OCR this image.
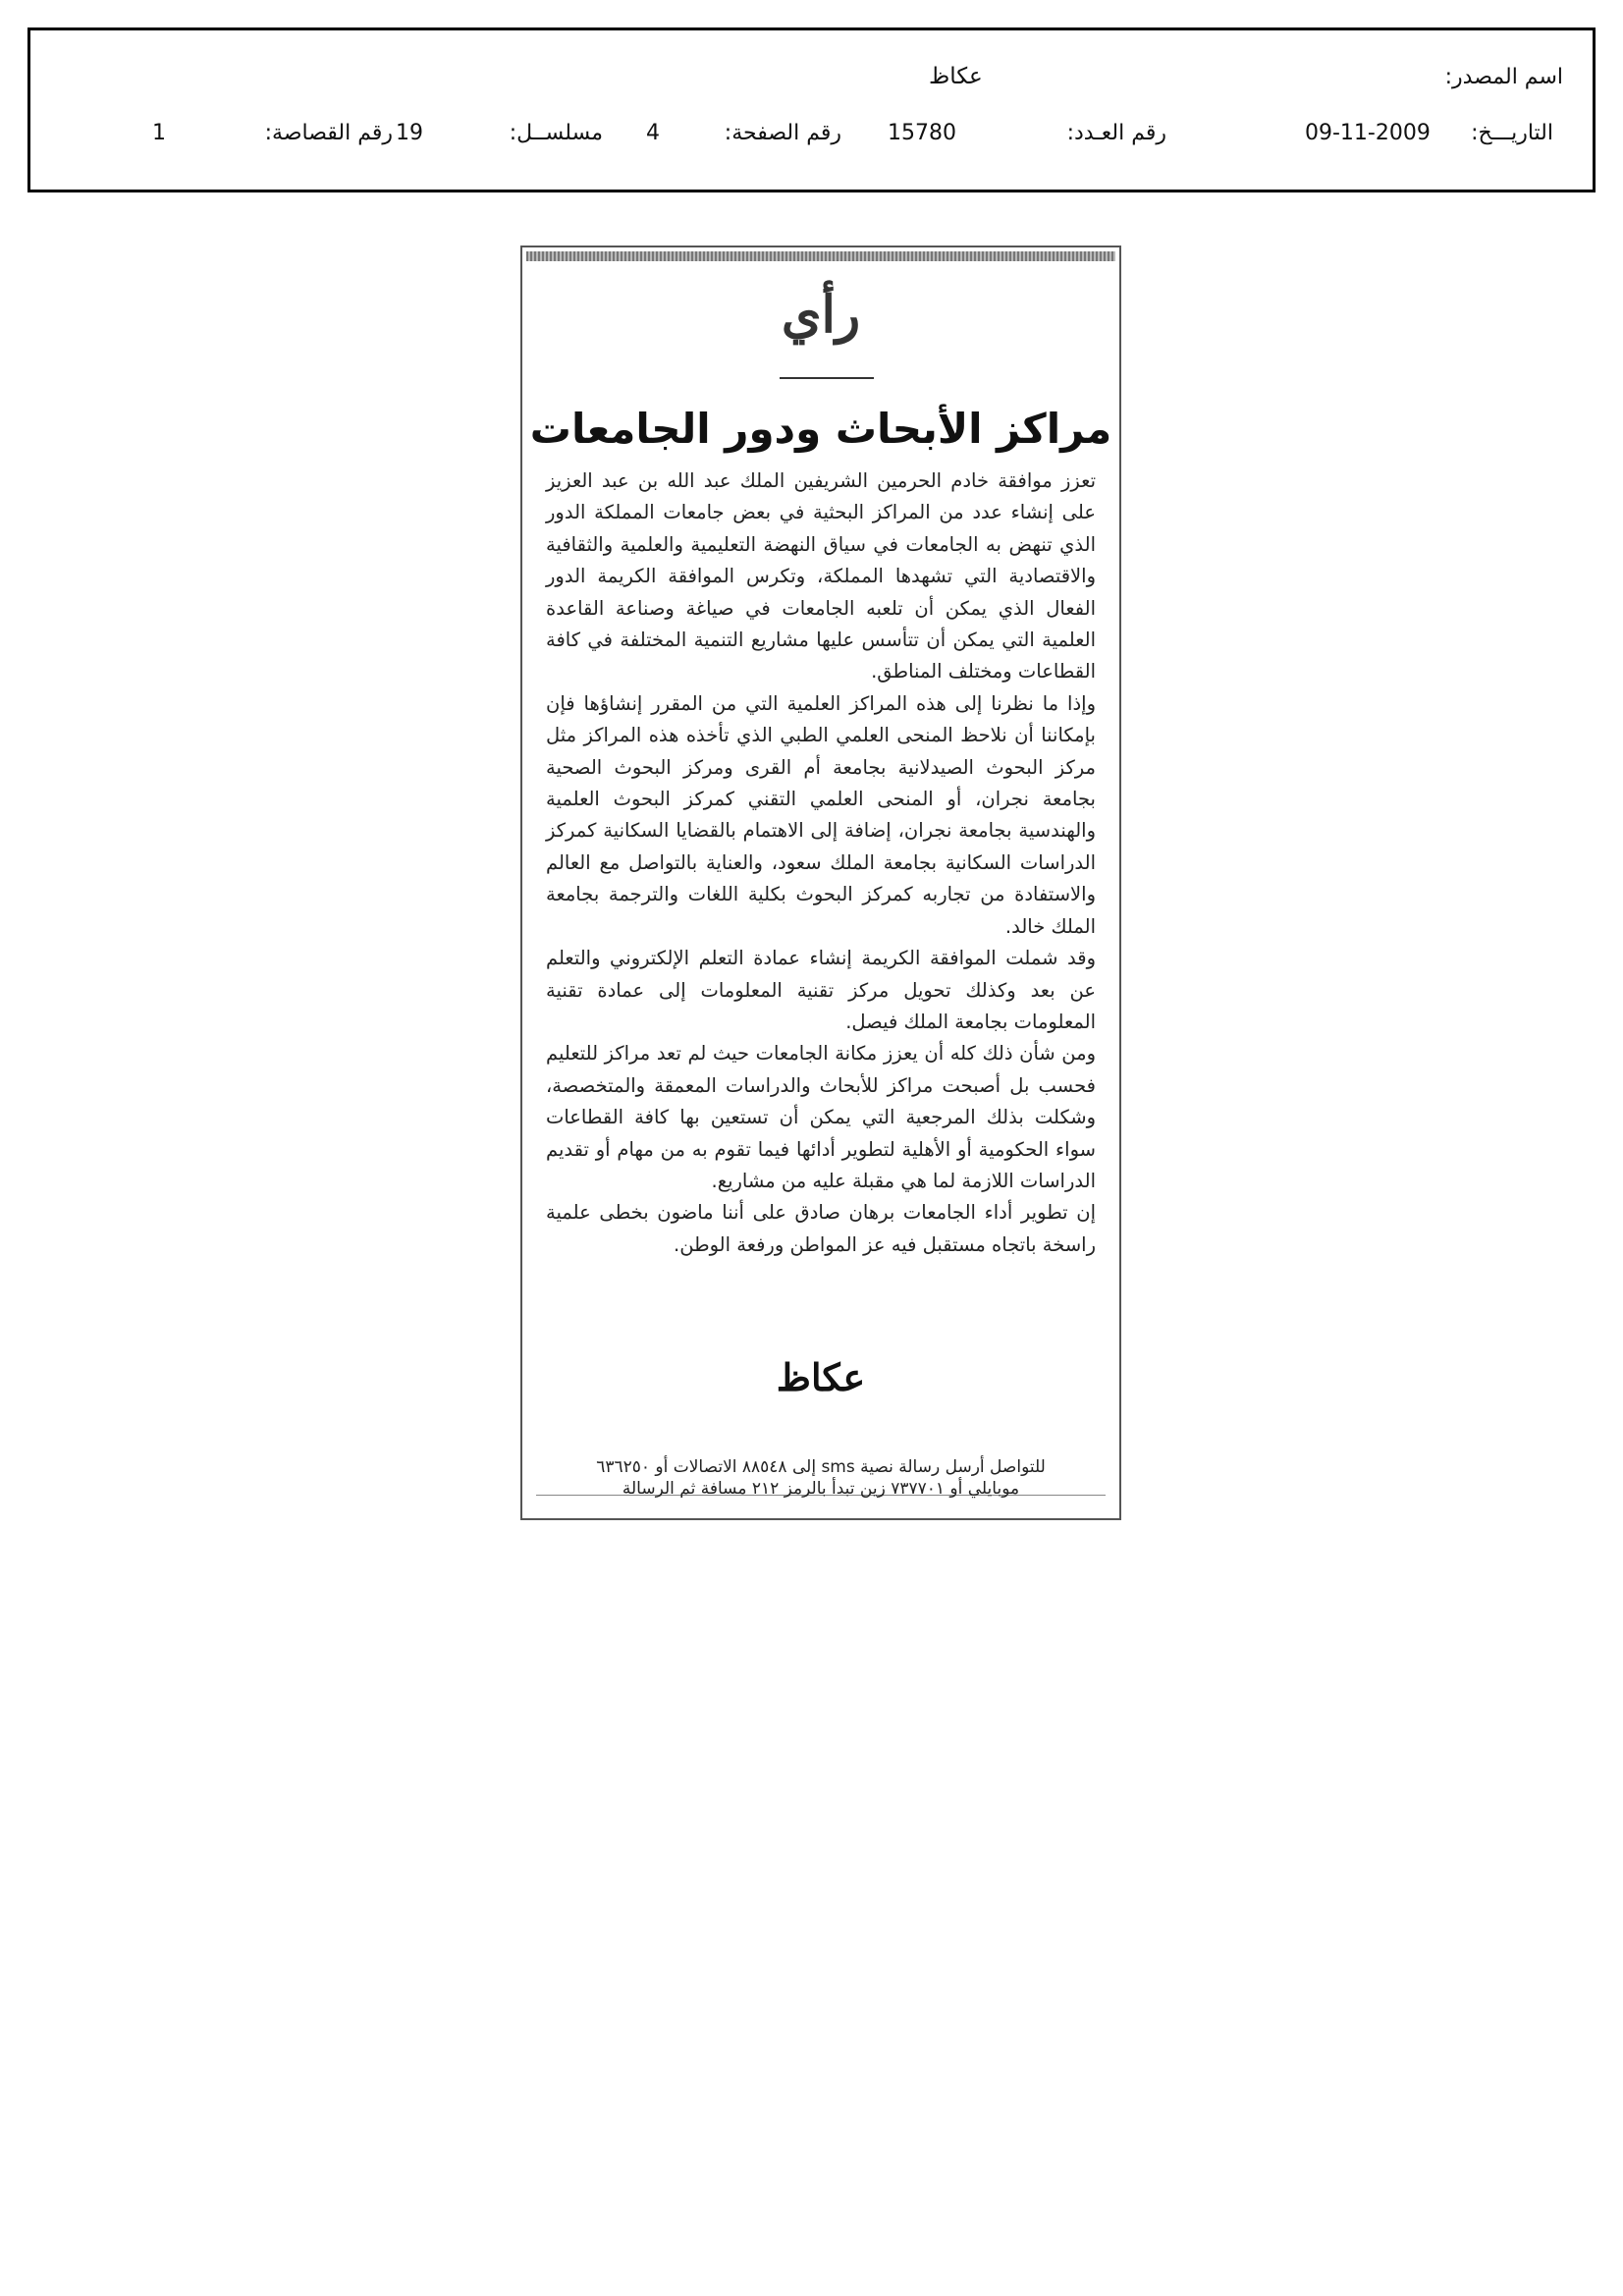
اسم المصدر:
عكاظ
التاريـــخ:
09-11-2009
رقم العـدد:
15780
رقم الصفحة:
4
مسلســل:
19
رقم القصاصة:
1
رأي
مراكز الأبحاث ودور الجامعات

تعزز موافقة خادم الحرمين الشريفين الملك عبد الله بن عبد العزيز على إنشاء عدد من المراكز البحثية في بعض جامعات المملكة الدور الذي تنهض به الجامعات في سياق النهضة التعليمية والعلمية والثقافية والاقتصادية التي تشهدها المملكة، وتكرس الموافقة الكريمة الدور الفعال الذي يمكن أن تلعبه الجامعات في صياغة وصناعة القاعدة العلمية التي يمكن أن تتأسس عليها مشاريع التنمية المختلفة في كافة القطاعات ومختلف المناطق.

وإذا ما نظرنا إلى هذه المراكز العلمية التي من المقرر إنشاؤها فإن بإمكاننا أن نلاحظ المنحى العلمي الطبي الذي تأخذه هذه المراكز مثل مركز البحوث الصيدلانية بجامعة أم القرى ومركز البحوث الصحية بجامعة نجران، أو المنحى العلمي التقني كمركز البحوث العلمية والهندسية بجامعة نجران، إضافة إلى الاهتمام بالقضايا السكانية كمركز الدراسات السكانية بجامعة الملك سعود، والعناية بالتواصل مع العالم والاستفادة من تجاربه كمركز البحوث بكلية اللغات والترجمة بجامعة الملك خالد.

وقد شملت الموافقة الكريمة إنشاء عمادة التعلم الإلكتروني والتعلم عن بعد وكذلك تحويل مركز تقنية المعلومات إلى عمادة تقنية المعلومات بجامعة الملك فيصل.

ومن شأن ذلك كله أن يعزز مكانة الجامعات حيث لم تعد مراكز للتعليم فحسب بل أصبحت مراكز للأبحاث والدراسات المعمقة والمتخصصة، وشكلت بذلك المرجعية التي يمكن أن تستعين بها كافة القطاعات سواء الحكومية أو الأهلية لتطوير أدائها فيما تقوم به من مهام أو تقديم الدراسات اللازمة لما هي مقبلة عليه من مشاريع.

إن تطوير أداء الجامعات برهان صادق على أننا ماضون بخطى علمية راسخة باتجاه مستقبل فيه عز المواطن ورفعة الوطن.

عكاظ
للتواصل أرسل رسالة نصية sms إلى ٨٨٥٤٨ الاتصالات أو ٦٣٦٢٥٠
موبايلي أو ٧٣٧٧٠١ زين تبدأ بالرمز ٢١٢ مسافة ثم الرسالة
